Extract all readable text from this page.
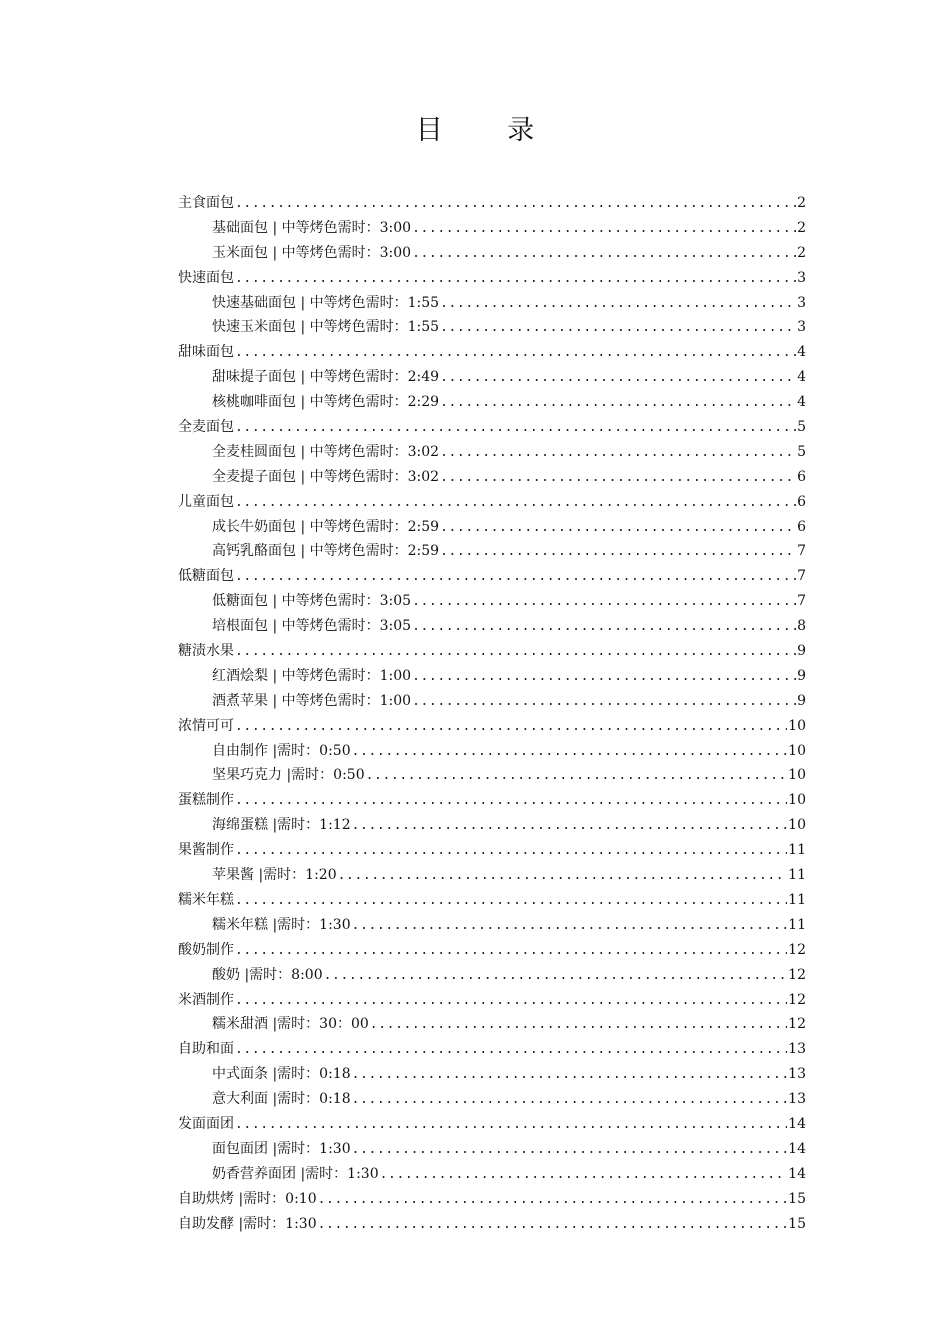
目 录
主食面包 .....	2
基础面包 | 中等烤色需时：3:00 .....	2
玉米面包 | 中等烤色需时：3:00 .....	2
快速面包 .....	3
快速基础面包 | 中等烤色需时：1:55 .....	3
快速玉米面包 | 中等烤色需时：1:55 .....	3
甜味面包 .....	4
甜味提子面包 | 中等烤色需时：2:49 .....	4
核桃咖啡面包 | 中等烤色需时：2:29 .....	4
全麦面包 .....	5
全麦桂圆面包 | 中等烤色需时：3:02 .....	5
全麦提子面包 | 中等烤色需时：3:02 .....	6
儿童面包 .....	6
成长牛奶面包 | 中等烤色需时：2:59 .....	6
高钙乳酪面包 | 中等烤色需时：2:59 .....	7
低糖面包 .....	7
低糖面包 | 中等烤色需时：3:05 .....	7
培根面包 | 中等烤色需时：3:05 .....	8
糖渍水果 .....	9
红酒烩梨 | 中等烤色需时：1:00 .....	9
酒煮苹果 | 中等烤色需时：1:00 .....	9
浓情可可 .....	10
自由制作 |需时：0:50 .....	10
坚果巧克力 |需时：0:50 .....	10
蛋糕制作 .....	10
海绵蛋糕 |需时：1:12 .....	10
果酱制作 .....	11
苹果酱 |需时：1:20 .....	11
糯米年糕 .....	11
糯米年糕 |需时：1:30 .....	11
酸奶制作 .....	12
酸奶 |需时：8:00 .....	12
米酒制作 .....	12
糯米甜酒 |需时：30：00 .....	12
自助和面 .....	13
中式面条 |需时：0:18 .....	13
意大利面 |需时：0:18 .....	13
发面面团 .....	14
面包面团 |需时：1:30 .....	14
奶香营养面团 |需时：1:30 .....	14
自助烘烤 |需时：0:10 .....	15
自助发酵 |需时：1:30 .....	15
